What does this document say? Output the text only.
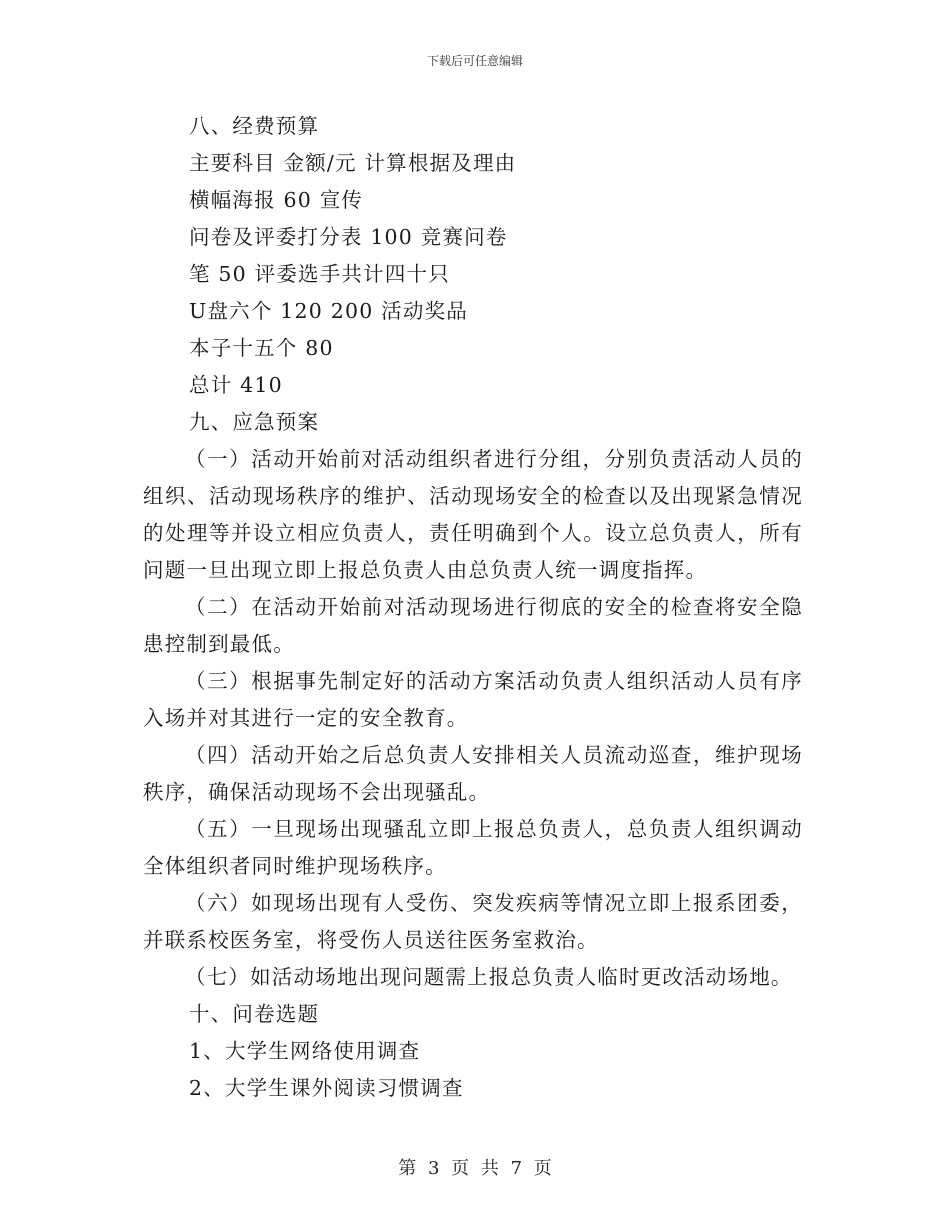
下载后可任意编辑

八、经费预算

主要科目 金额/元 计算根据及理由

横幅海报 60 宣传

问卷及评委打分表 100 竞赛问卷

笔 50 评委选手共计四十只

U盘六个 120 200 活动奖品

本子十五个 80

总计 410

九、应急预案

（一）活动开始前对活动组织者进行分组，分别负责活动人员的组织、活动现场秩序的维护、活动现场安全的检查以及出现紧急情况的处理等并设立相应负责人，责任明确到个人。设立总负责人，所有问题一旦出现立即上报总负责人由总负责人统一调度指挥。

（二）在活动开始前对活动现场进行彻底的安全的检查将安全隐患控制到最低。

（三）根据事先制定好的活动方案活动负责人组织活动人员有序入场并对其进行一定的安全教育。

（四）活动开始之后总负责人安排相关人员流动巡查，维护现场秩序，确保活动现场不会出现骚乱。

（五）一旦现场出现骚乱立即上报总负责人，总负责人组织调动全体组织者同时维护现场秩序。

（六）如现场出现有人受伤、突发疾病等情况立即上报系团委，并联系校医务室，将受伤人员送往医务室救治。

（七）如活动场地出现问题需上报总负责人临时更改活动场地。

十、问卷选题

1、大学生网络使用调查

2、大学生课外阅读习惯调查

第 3 页 共 7 页
